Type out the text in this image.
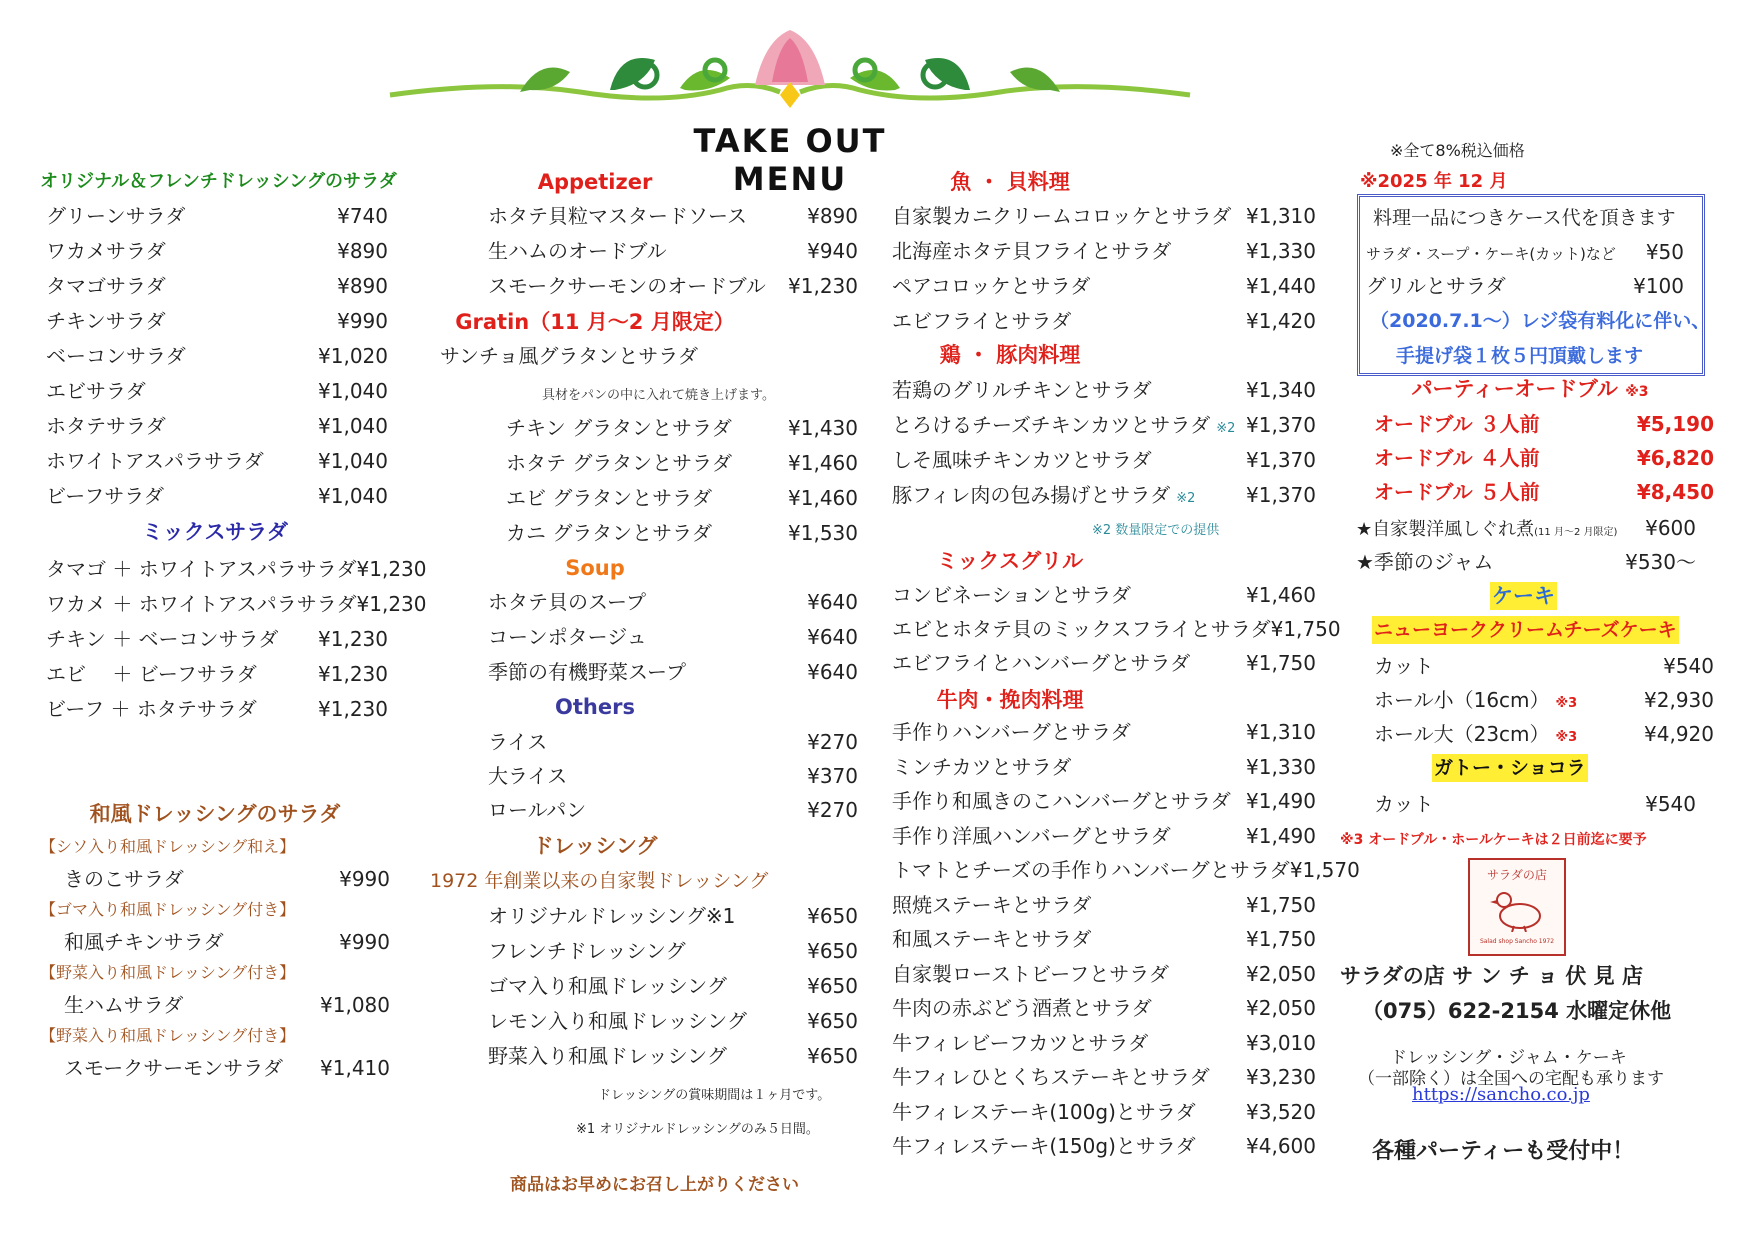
TAKE OUT MENU
※全て8%税込価格
オリジナル＆フレンチドレッシングのサラダ
グリーンサラダ	¥740
ワカメサラダ	¥890
タマゴサラダ	¥890
チキンサラダ	¥990
ベーコンサラダ	¥1,020
エビサラダ	¥1,040
ホタテサラダ	¥1,040
ホワイトアスパラサラダ	¥1,040
ビーフサラダ	¥1,040
ミックスサラダ
タマゴ ＋ ホワイトアスパラサラダ ¥1,230
ワカメ ＋ ホワイトアスパラサラダ ¥1,230
チキン ＋ ベーコンサラダ ¥1,230
エビ　 ＋ ビーフサラダ	¥1,230
ビーフ ＋ ホタテサラダ	¥1,230
和風ドレッシングのサラダ
【シソ入り和風ドレッシング和え】
きのこサラダ	¥990
【ゴマ入り和風ドレッシング付き】
和風チキンサラダ	¥990
【野菜入り和風ドレッシング付き】
生ハムサラダ	¥1,080
【野菜入り和風ドレッシング付き】
スモークサーモンサラダ ¥1,410
Appetizer
ホタテ貝粒マスタードソース	¥890
生ハムのオードブル	¥940
スモークサーモンのオードブル ¥1,230
Gratin（11 月～2 月限定）
サンチョ風グラタンとサラダ
具材をパンの中に入れて焼き上げます。
チキン グラタンとサラダ	¥1,430
ホタテ グラタンとサラダ	¥1,460
エビ グラタンとサラダ	¥1,460
カニ グラタンとサラダ	¥1,530
Soup
ホタテ貝のスープ	¥640
コーンポタージュ	¥640
季節の有機野菜スープ	¥640
Others
ライス	¥270
大ライス	¥370
ロールパン	¥270
ドレッシング
1972 年創業以来の自家製ドレッシング
オリジナルドレッシング※1	¥650
フレンチドレッシング	¥650
ゴマ入り和風ドレッシング	¥650
レモン入り和風ドレッシング	¥650
野菜入り和風ドレッシング	¥650
ドレッシングの賞味期間は１ヶ月です。
※1 オリジナルドレッシングのみ５日間。
商品はお早めにお召し上がりください
魚 ・ 貝料理
自家製カニクリームコロッケとサラダ ¥1,310
北海産ホタテ貝フライとサラダ	¥1,330
ペアコロッケとサラダ	¥1,440
エビフライとサラダ	¥1,420
鶏 ・ 豚肉料理
若鶏のグリルチキンとサラダ	¥1,340
とろけるチーズチキンカツとサラダ ※2 ¥1,370
しそ風味チキンカツとサラダ	¥1,370
豚フィレ肉の包み揚げとサラダ ※2	¥1,370
※2 数量限定での提供
ミックスグリル
コンビネーションとサラダ	¥1,460
エビとホタテ貝のミックスフライとサラダ ¥1,750
エビフライとハンバーグとサラダ	¥1,750
牛肉・挽肉料理
手作りハンバーグとサラダ	¥1,310
ミンチカツとサラダ	¥1,330
手作り和風きのこハンバーグとサラダ ¥1,490
手作り洋風ハンバーグとサラダ	¥1,490
トマトとチーズの手作りハンバーグとサラダ ¥1,570
照焼ステーキとサラダ	¥1,750
和風ステーキとサラダ	¥1,750
自家製ローストビーフとサラダ	¥2,050
牛肉の赤ぶどう酒煮とサラダ	¥2,050
牛フィレビーフカツとサラダ	¥3,010
牛フィレひとくちステーキとサラダ ¥3,230
牛フィレステーキ(100g)とサラダ	¥3,520
牛フィレステーキ(150g)とサラダ	¥4,600
※2025 年 12 月
料理一品につきケース代を頂きます
サラダ・スープ・ケーキ(カット)など ¥50
グリルとサラダ	¥100
（2020.7.1～）レジ袋有料化に伴い、
手提げ袋１枚５円頂戴します
パーティーオードブル ※3
オードブル ３人前	¥5,190
オードブル ４人前	¥6,820
オードブル ５人前	¥8,450
★自家製洋風しぐれ煮(11 月～2 月限定) ¥600
★季節のジャム	¥530～
ケーキ
ニューヨーククリームチーズケーキ
カット	¥540
ホール小（16cm） ※3	¥2,930
ホール大（23cm） ※3	¥4,920
ガトー・ショコラ
カット	¥540
※3 オードブル・ホールケーキは２日前迄に要予
サラダの店
Salad shop Sancho 1972
サラダの店 サ ン チ ョ 伏 見 店
（075）622-2154 水曜定休他
ドレッシング・ジャム・ケーキ
（一部除く）は全国への宅配も承ります
https://sancho.co.jp
各種パーティーも受付中！
